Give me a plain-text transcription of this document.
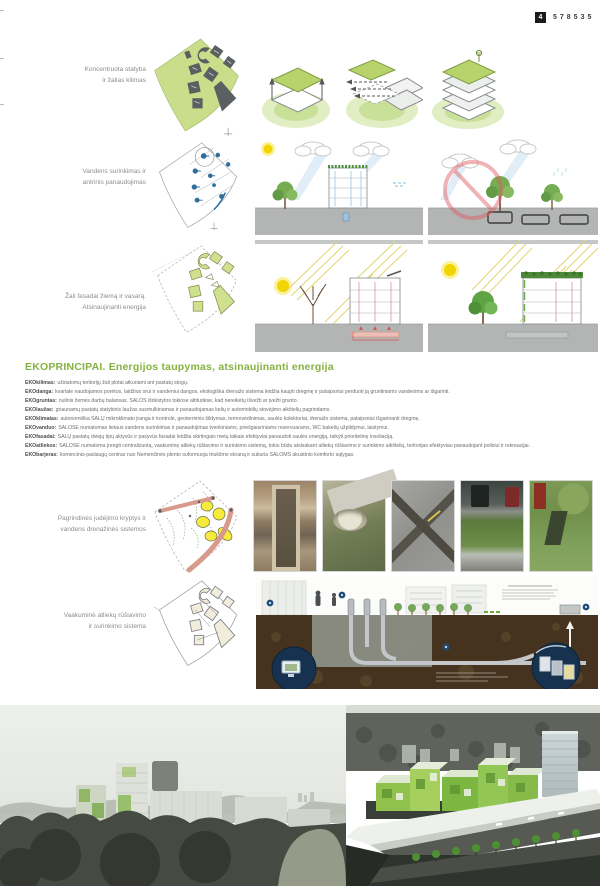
4	578535
Koncentruota statyba
ir žalias kilimas
Vandens surinkimas ir
antrinis panaudojimas
Žali fasadai žiemą ir vasarą.
Atsinaujinanti energija
EKOPRINCIPAI. Energijos taupymas, atsinaujinanti energija
EKOkilimas: užstatomų teritorijų žali plotai atkuriami ant pastatų stogų.
EKOdanga: kvartale naudojamos porėtos, laidžios orui ir vandeniui dangos, ekologiška drenažo sistema leidžia kaupti drėgmę ir palaipsniui perduoti ją gruntiniams vandenims ar išgarinti.
EKOgruntas: nulinis žemės darbų balansas. SALOS išdėstytos tokiose altitudėse, kad nereikėtų išvežti ar įvežti grunto.
EKOlaužas: griaunamų pastatų statybinis laužas susmulkinamas ir panaudojamas kelių ir automobilių stovėjimo aikštelių pagrindams.
EKOklimatas: autonomiška SALŲ mikroklimato įranga ir kontrolė, geoterminis šildymas, termovėdinimas, saulės kolektoriai, drenažo sistema, palaipsniui išgarinanti drėgmę.
EKOvanduo: SALOSE numatomas lietaus vandens surinkimas ir panaudojimas tvenkiniams, priešgaisriniams rezervuarams, WC bakelių užpildymui, laistymui.
EKOfasadai: SALŲ pastatų dviejų tipų aktyvūs ir pasyvūs fasadai leidžia skirtingais metų laikais efektyviai panaudoti saulės energiją, taikyti prioritetinę insoliaciją.
EKOatliekos: SALOSE numatoma įrengti centralizuotą, vaakuminę atliekų rūšiavimo ir surinkimo sistemą, tokiu būdu atsisakant atliekų rūšiavimo ir surinkimo aikštelių, teritorijas efektyviau panaudojant poilsiui ir rekreacijai.
EKObarjeras: komercinis-paslaugų centras nuo Nemenčinės plento suformuoja triukšmo ekraną ir sukuria SALOMS akustinio komforto sąlygas.
Pagrindinės judėjimo kryptys ir
vandens drenažinės sistemos
Vaakuminė atliekų rūšiavimo
ir surinkimo sistema
